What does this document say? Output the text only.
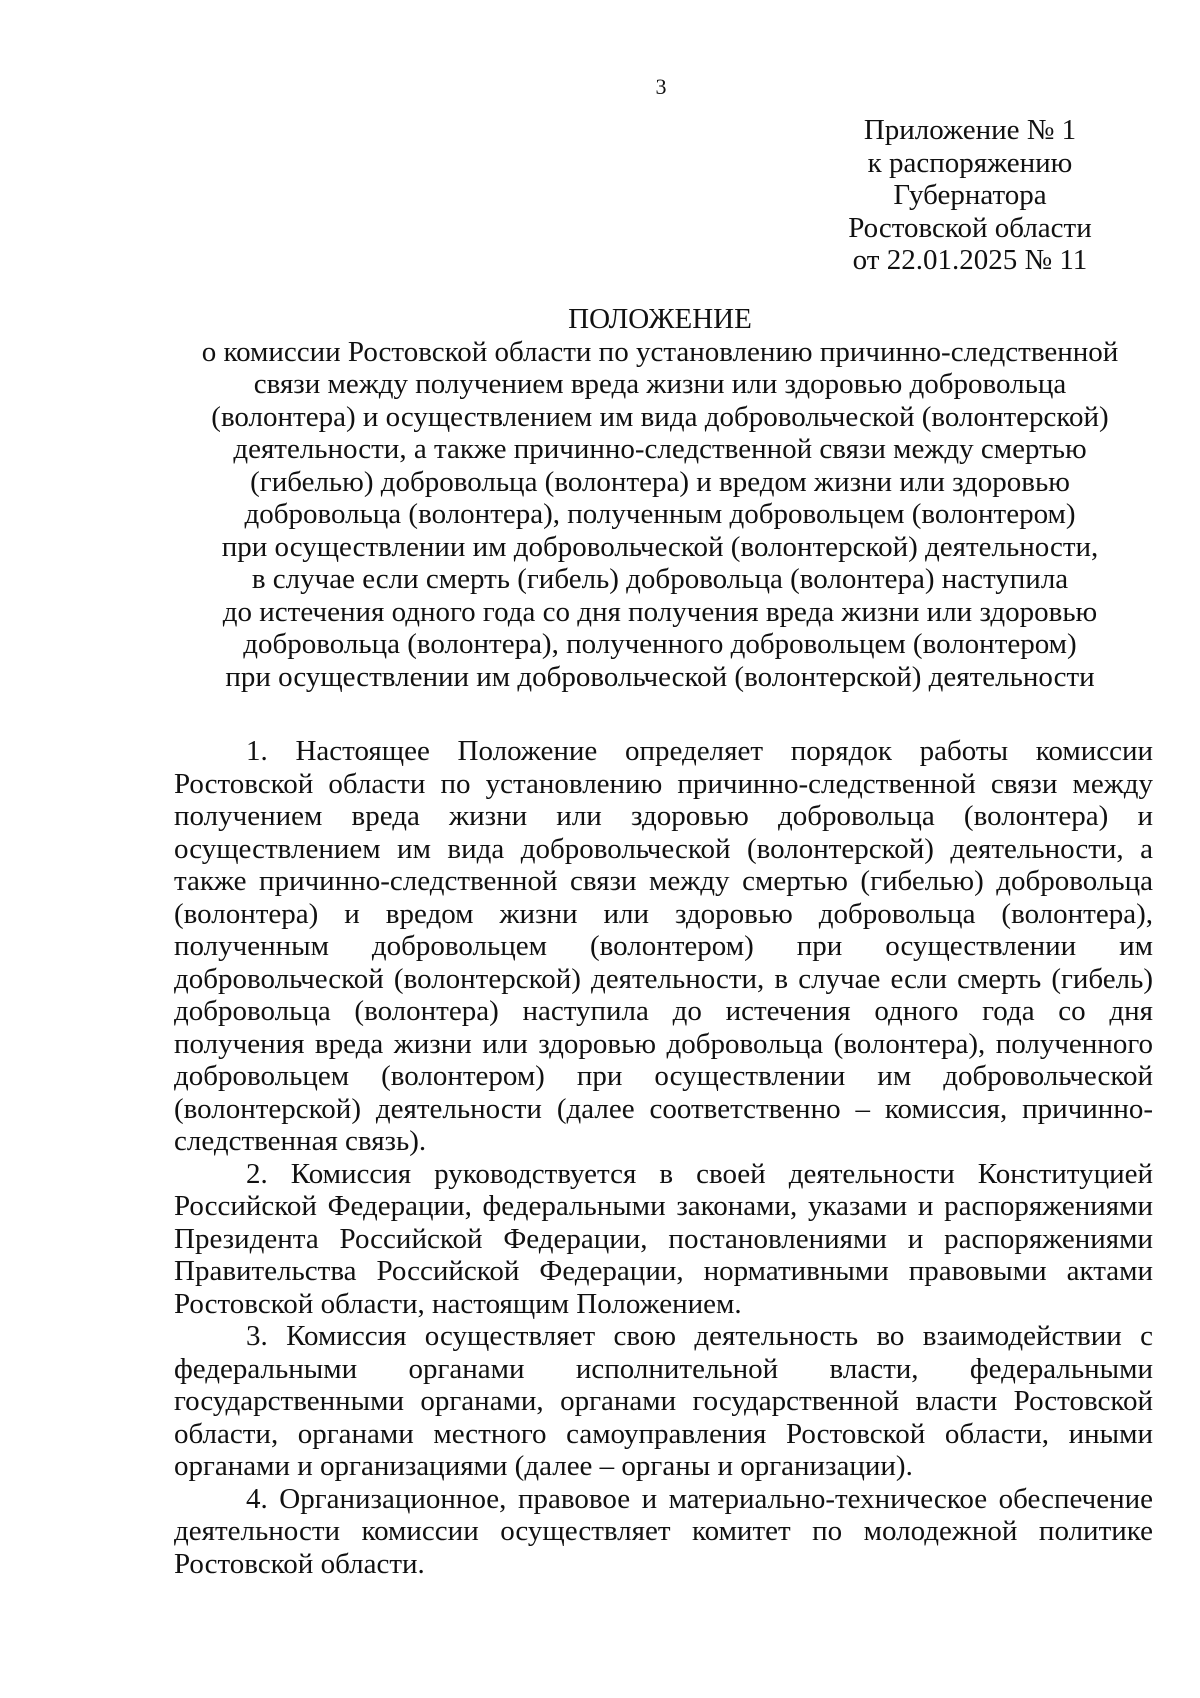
3
Приложение № 1
к распоряжению
Губернатора
Ростовской области
от 22.01.2025 № 11
ПОЛОЖЕНИЕ
о комиссии Ростовской области по установлению причинно-следственной
связи между получением вреда жизни или здоровью добровольца
(волонтера) и осуществлением им вида добровольческой (волонтерской)
деятельности, а также причинно-следственной связи между смертью
(гибелью) добровольца (волонтера) и вредом жизни или здоровью
добровольца (волонтера), полученным добровольцем (волонтером)
при осуществлении им добровольческой (волонтерской) деятельности,
в случае если смерть (гибель) добровольца (волонтера) наступила
до истечения одного года со дня получения вреда жизни или здоровью
добровольца (волонтера), полученного добровольцем (волонтером)
при осуществлении им добровольческой (волонтерской) деятельности

1. Настоящее Положение определяет порядок работы комиссии Ростовской области по установлению причинно-следственной связи между получением вреда жизни или здоровью добровольца (волонтера) и осуществлением им вида добровольческой (волонтерской) деятельности, а также причинно-следственной связи между смертью (гибелью) добровольца (волонтера) и вредом жизни или здоровью добровольца (волонтера), полученным добровольцем (волонтером) при осуществлении им добровольческой (волонтерской) деятельности, в случае если смерть (гибель) добровольца (волонтера) наступила до истечения одного года со дня получения вреда жизни или здоровью добровольца (волонтера), полученного добровольцем (волонтером) при осуществлении им добровольческой (волонтерской) деятельности (далее соответственно – комиссия, причинно-следственная связь).

2. Комиссия руководствуется в своей деятельности Конституцией Российской Федерации, федеральными законами, указами и распоряжениями Президента Российской Федерации, постановлениями и распоряжениями Правительства Российской Федерации, нормативными правовыми актами Ростовской области, настоящим Положением.

3. Комиссия осуществляет свою деятельность во взаимодействии с федеральными органами исполнительной власти, федеральными государственными органами, органами государственной власти Ростовской области, органами местного самоуправления Ростовской области, иными органами и организациями (далее – органы и организации).

4. Организационное, правовое и материально-техническое обеспечение деятельности комиссии осуществляет комитет по молодежной политике Ростовской области.
